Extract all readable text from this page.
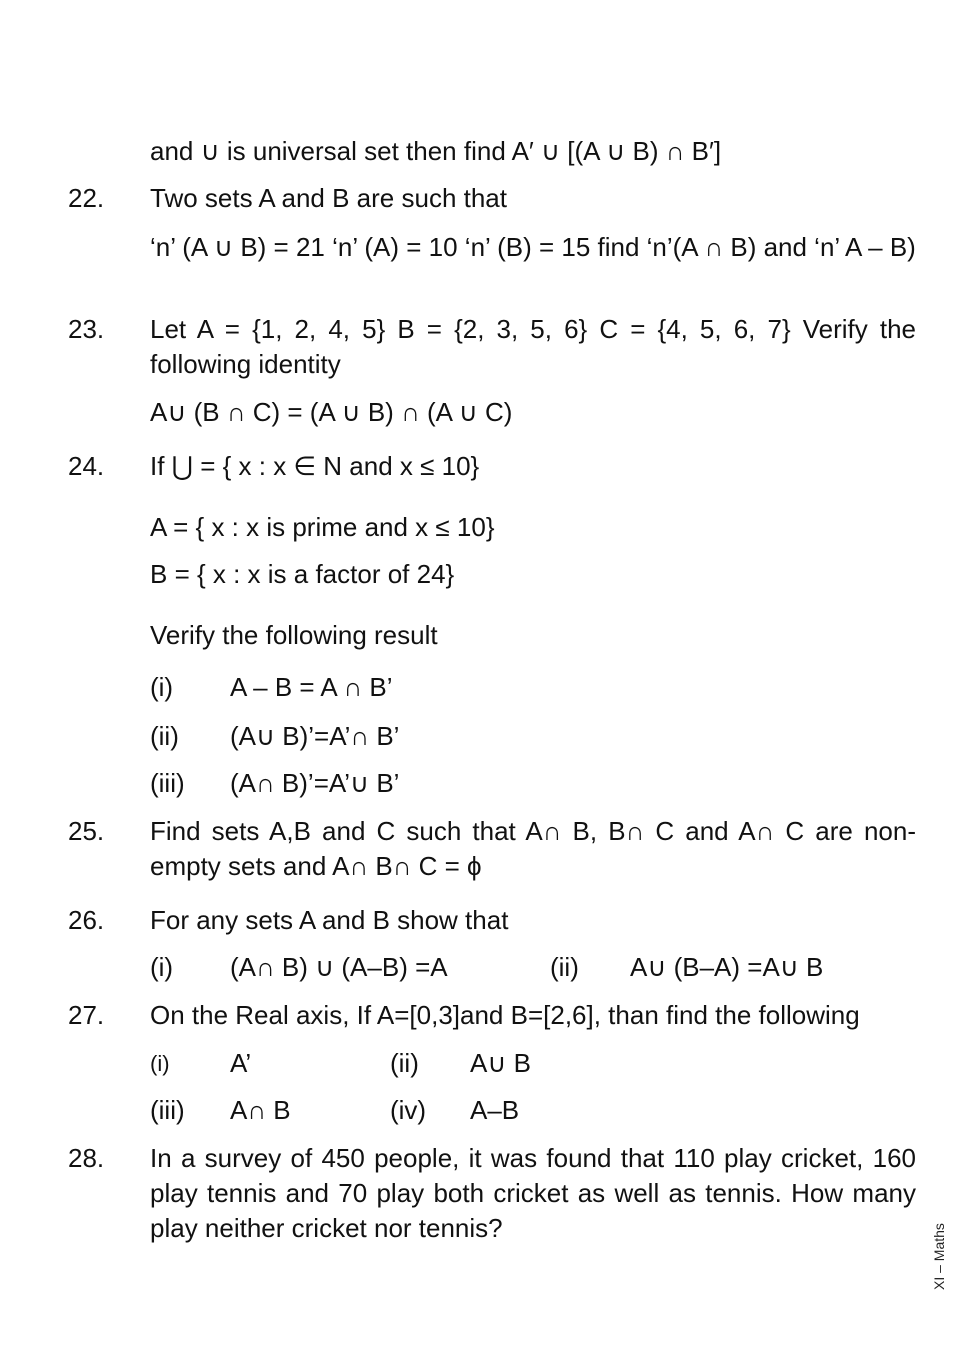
and ∪ is universal set then find A′ ∪ [(A ∪ B) ∩ B′]
22. Two sets A and B are such that
‘n’ (A ∪ B) = 21 ‘n’ (A) = 10 ‘n’ (B) = 15 find ‘n’(A ∩ B) and ‘n’ A – B)
23. Let A = {1, 2, 4, 5} B = {2, 3, 5, 6} C = {4, 5, 6, 7} Verify the following identity
A∪ (B ∩ C) = (A ∪ B) ∩ (A ∪ C)
24. If ⋃ = { x : x ∈ N and x ≤ 10}
A = { x : x is prime and x ≤ 10}
B = { x : x is a factor of 24}
Verify the following result
(i) A – B = A ∩ B’
(ii) (A∪ B)’=A’∩ B’
(iii) (A∩ B)’=A’∪ B’
25. Find sets A,B and C such that A∩ B, B∩ C and A∩ C are non-empty sets and A∩ B∩ C = ϕ
26. For any sets A and B show that
(i) (A∩ B) ∪ (A–B) =A	(ii) A∪ (B–A) =A∪ B
27. On the Real axis, If A=[0,3]and B=[2,6], than find the following
(i) A’	(ii) A∪ B
(iii) A∩ B	(iv) A–B
28. In a survey of 450 people, it was found that 110 play cricket, 160 play tennis and 70 play both cricket as well as tennis. How many play neither cricket nor tennis?	XI – Maths
